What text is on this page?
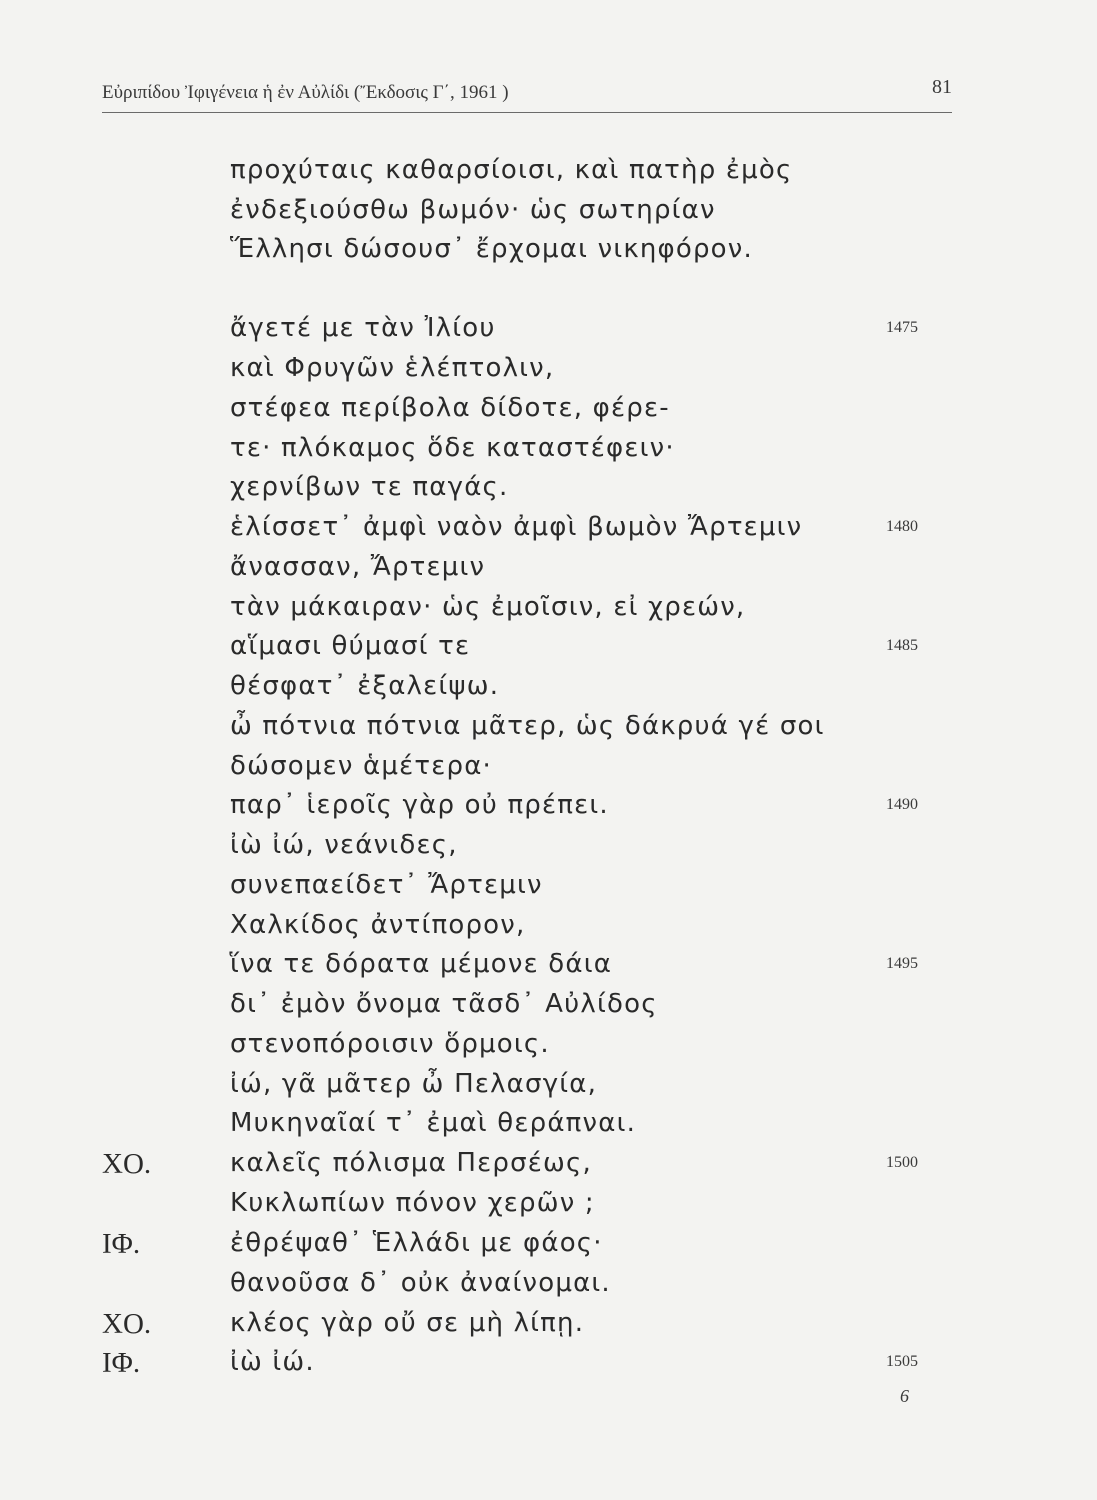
Εὐριπίδου Ἰφιγένεια ἡ ἐν Αὐλίδι (Ἔκδοσις Γ΄, 1961 )	81
προχύταις καθαρσίοισι, καὶ πατὴρ ἐμὸς
ἐνδεξιούσθω βωμόν· ὡς σωτηρίαν
Ἕλλησι δώσουσ᾽ ἔρχομαι νικηφόρον.
ἄγετέ με τὰν Ἰλίου	1475
καὶ Φρυγῶν ἑλέπτολιν,
στέφεα περίβολα δίδοτε, φέρε-
τε· πλόκαμος ὅδε καταστέφειν·
χερνίβων τε παγάς.
ἑλίσσετ᾽ ἀμφὶ ναὸν ἀμφὶ βωμὸν Ἄρτεμιν	1480
ἄνασσαν, Ἄρτεμιν
τὰν μάκαιραν· ὡς ἐμοῖσιν, εἰ χρεών,
αἵμασι θύμασί τε	1485
θέσφατ᾽ ἐξαλείψω.
ὦ πότνια πότνια μᾶτερ, ὡς δάκρυά γέ σοι
δώσομεν ἁμέτερα·
παρ᾽ ἱεροῖς γὰρ οὐ πρέπει.	1490
ἰὼ ἰώ, νεάνιδες,
συνεπαείδετ᾽ Ἄρτεμιν
Χαλκίδος ἀντίπορον,
ἵνα τε δόρατα μέμονε δάια	1495
δι᾽ ἐμὸν ὄνομα τᾶσδ᾽ Αὐλίδος
στενοπόροισιν ὅρμοις.
ἰώ, γᾶ μᾶτερ ὦ Πελασγία,
Μυκηναῖαί τ᾽ ἐμαὶ θεράπναι.
ΧΟ.	καλεῖς πόλισμα Περσέως,	1500
Κυκλωπίων πόνον χερῶν ;
ΙΦ.	ἐθρέψαθ᾽ Ἑλλάδι με φάος·
θανοῦσα δ᾽ οὐκ ἀναίνομαι.
ΧΟ.	κλέος γὰρ οὔ σε μὴ λίπῃ.
ΙΦ.	ἰὼ ἰώ.	1505
6
